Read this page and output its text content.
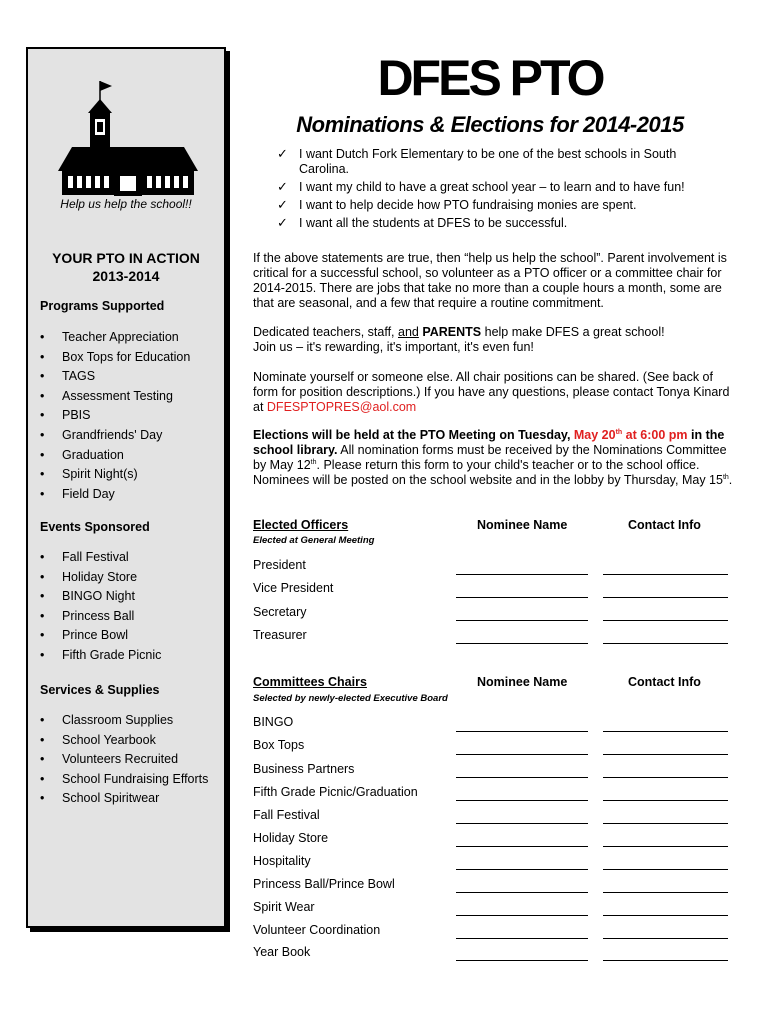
Help us help the school!!
YOUR PTO IN ACTION
2013-2014
Programs Supported
• Teacher Appreciation
• Box Tops for Education
• TAGS
• Assessment Testing
• PBIS
• Grandfriends' Day
• Graduation
• Spirit Night(s)
• Field Day
Events Sponsored
• Fall Festival
• Holiday Store
• BINGO Night
• Princess Ball
• Prince Bowl
• Fifth Grade Picnic
Services & Supplies
• Classroom Supplies
• School Yearbook
• Volunteers Recruited
• School Fundraising Efforts
• School Spiritwear
DFES PTO
Nominations & Elections for 2014-2015
✓ I want Dutch Fork Elementary to be one of the best schools in South Carolina.
✓ I want my child to have a great school year – to learn and to have fun!
✓ I want to help decide how PTO fundraising monies are spent.
✓ I want all the students at DFES to be successful.
If the above statements are true, then “help us help the school”. Parent involvement is critical for a successful school, so volunteer as a PTO officer or a committee chair for 2014-2015. There are jobs that take no more than a couple hours a month, some are that are seasonal, and a few that require a routine commitment.
Dedicated teachers, staff, and PARENTS help make DFES a great school!
Join us – it's rewarding, it's important, it's even fun!
Nominate yourself or someone else. All chair positions can be shared. (See back of form for position descriptions.) If you have any questions, please contact Tonya Kinard at DFESPTOPRES@aol.com
Elections will be held at the PTO Meeting on Tuesday, May 20th at 6:00 pm in the school library. All nomination forms must be received by the Nominations Committee by May 12th. Please return this form to your child's teacher or to the school office. Nominees will be posted on the school website and in the lobby by Thursday, May 15th.
Elected Officers	Nominee Name	Contact Info
Elected at General Meeting
President
Vice President
Secretary
Treasurer
Committees Chairs	Nominee Name	Contact Info
Selected by newly-elected Executive Board
BINGO
Box Tops
Business Partners
Fifth Grade Picnic/Graduation
Fall Festival
Holiday Store
Hospitality
Princess Ball/Prince Bowl
Spirit Wear
Volunteer Coordination
Year Book
